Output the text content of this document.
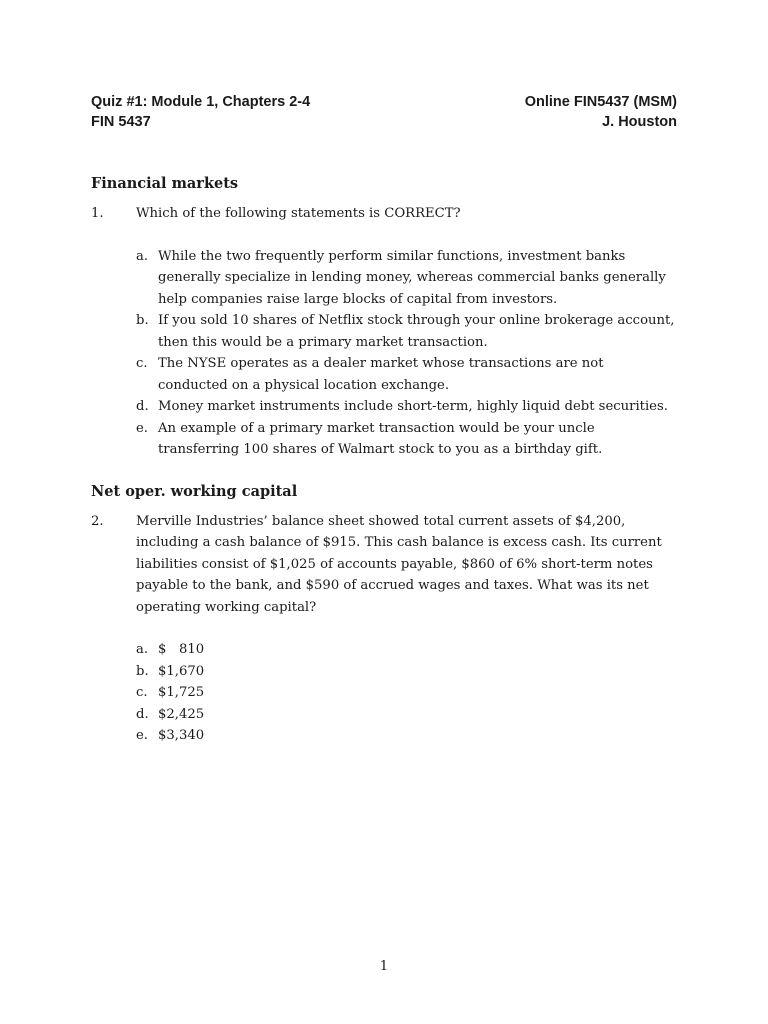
Quiz #1: Module 1, Chapters 2-4	Online FIN5437 (MSM)
FIN 5437	J. Houston
Financial markets
1.	Which of the following statements is CORRECT?
a. While the two frequently perform similar functions, investment banks generally specialize in lending money, whereas commercial banks generally help companies raise large blocks of capital from investors.
b. If you sold 10 shares of Netflix stock through your online brokerage account, then this would be a primary market transaction.
c. The NYSE operates as a dealer market whose transactions are not conducted on a physical location exchange.
d. Money market instruments include short-term, highly liquid debt securities.
e. An example of a primary market transaction would be your uncle transferring 100 shares of Walmart stock to you as a birthday gift.
Net oper. working capital
2.	Merville Industries’ balance sheet showed total current assets of $4,200, including a cash balance of $915. This cash balance is excess cash. Its current liabilities consist of $1,025 of accounts payable, $860 of 6% short-term notes payable to the bank, and $590 of accrued wages and taxes. What was its net operating working capital?
a. $   810
b. $1,670
c. $1,725
d. $2,425
e. $3,340
1
